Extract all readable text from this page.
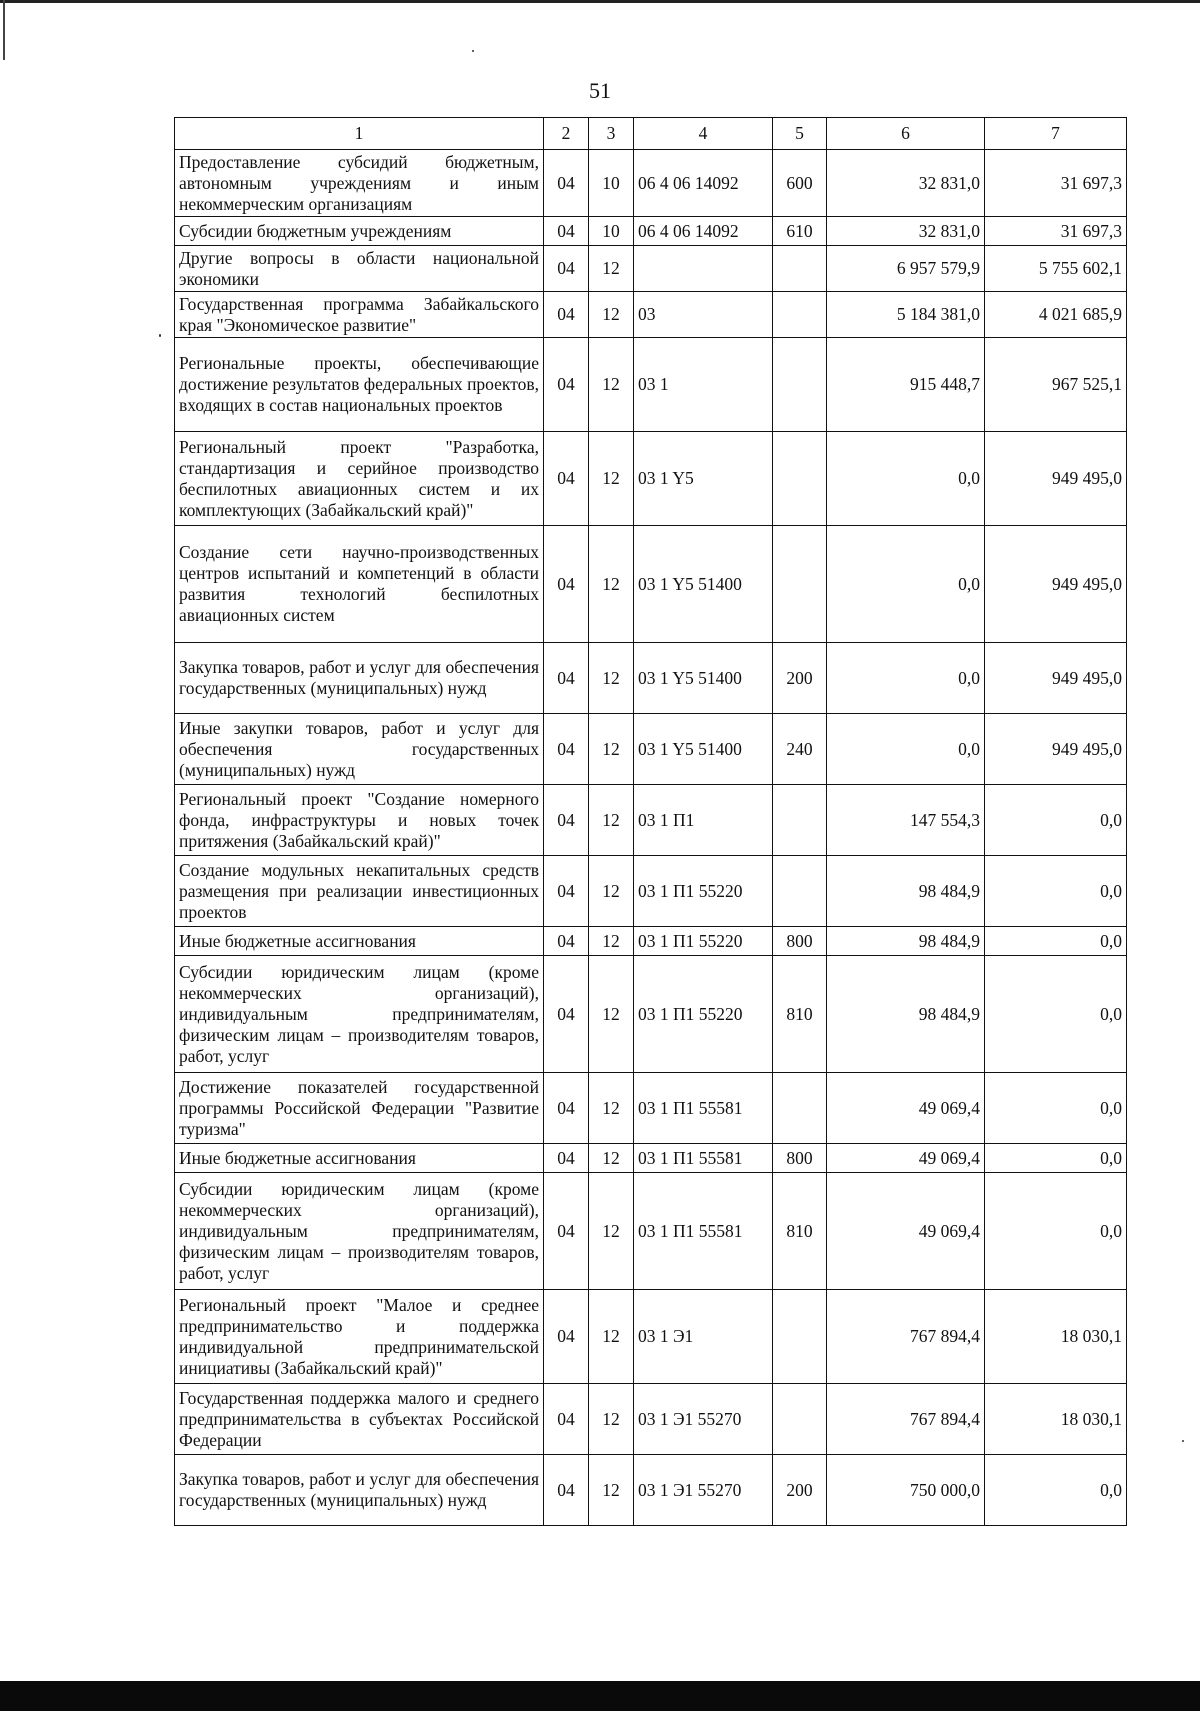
51
1	2	3	4	5	6	7
Предоставление субсидий бюджетным, автономным учреждениям и иным некоммерческим организациям	04	10	06 4 06 14092	600	32 831,0	31 697,3
Субсидии бюджетным учреждениям	04	10	06 4 06 14092	610	32 831,0	31 697,3
Другие вопросы в области национальной экономики	04	12			6 957 579,9	5 755 602,1
Государственная программа Забайкальского края "Экономическое развитие"	04	12	03		5 184 381,0	4 021 685,9
Региональные проекты, обеспечивающие достижение результатов федеральных проектов, входящих в состав национальных проектов	04	12	03 1		915 448,7	967 525,1
Региональный проект "Разработка, стандартизация и серийное производство беспилотных авиационных систем и их комплектующих (Забайкальский край)"	04	12	03 1 Y5		0,0	949 495,0
Создание сети научно-производственных центров испытаний и компетенций в области развития технологий беспилотных авиационных систем	04	12	03 1 Y5 51400		0,0	949 495,0
Закупка товаров, работ и услуг для обеспечения государственных (муниципальных) нужд	04	12	03 1 Y5 51400	200	0,0	949 495,0
Иные закупки товаров, работ и услуг для обеспечения государственных (муниципальных) нужд	04	12	03 1 Y5 51400	240	0,0	949 495,0
Региональный проект "Создание номерного фонда, инфраструктуры и новых точек притяжения (Забайкальский край)"	04	12	03 1 П1		147 554,3	0,0
Создание модульных некапитальных средств размещения при реализации инвестиционных проектов	04	12	03 1 П1 55220		98 484,9	0,0
Иные бюджетные ассигнования	04	12	03 1 П1 55220	800	98 484,9	0,0
Субсидии юридическим лицам (кроме некоммерческих организаций), индивидуальным предпринимателям, физическим лицам – производителям товаров, работ, услуг	04	12	03 1 П1 55220	810	98 484,9	0,0
Достижение показателей государственной программы Российской Федерации "Развитие туризма"	04	12	03 1 П1 55581		49 069,4	0,0
Иные бюджетные ассигнования	04	12	03 1 П1 55581	800	49 069,4	0,0
Субсидии юридическим лицам (кроме некоммерческих организаций), индивидуальным предпринимателям, физическим лицам – производителям товаров, работ, услуг	04	12	03 1 П1 55581	810	49 069,4	0,0
Региональный проект "Малое и среднее предпринимательство и поддержка индивидуальной предпринимательской инициативы (Забайкальский край)"	04	12	03 1 Э1		767 894,4	18 030,1
Государственная поддержка малого и среднего предпринимательства в субъектах Российской Федерации	04	12	03 1 Э1 55270		767 894,4	18 030,1
Закупка товаров, работ и услуг для обеспечения государственных (муниципальных) нужд	04	12	03 1 Э1 55270	200	750 000,0	0,0
